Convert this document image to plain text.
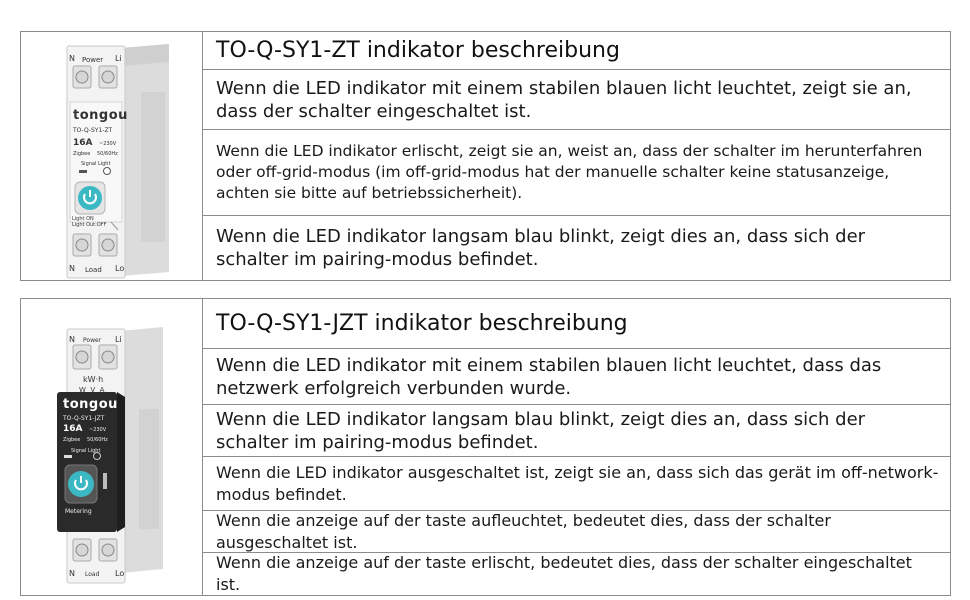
N Power Li
tongou
TO-Q-SY1-ZT
16A ~230V
Zigbee 50/60Hz
Signal Light
Light ON
Light Out:OFF
N Load Lo
TO-Q-SY1-ZT indikator beschreibung
Wenn die LED indikator mit einem stabilen blauen licht leuchtet, zeigt sie an, dass der schalter eingeschaltet ist.
Wenn die LED indikator erlischt, zeigt sie an, weist an, dass der schalter im herunterfahren oder off-grid-modus (im off-grid-modus hat der manuelle schalter keine statusanzeige, achten sie bitte auf betriebssicherheit).
Wenn die LED indikator langsam blau blinkt, zeigt dies an, dass sich der schalter im pairing-modus befindet.
N Power Li
kW·h
W  V  A
tongou
TO-Q-SY1-JZT
16A ~230V
Zigbee 50/60Hz
Signal Light
Metering
N Load Lo
TO-Q-SY1-JZT indikator beschreibung
Wenn die LED indikator mit einem stabilen blauen licht leuchtet, dass das netzwerk erfolgreich verbunden wurde.
Wenn die LED indikator langsam blau blinkt, zeigt dies an, dass sich der schalter im pairing-modus befindet.
Wenn die LED indikator ausgeschaltet ist, zeigt sie an, dass sich das gerät im off-network-modus befindet.
Wenn die anzeige auf der taste aufleuchtet, bedeutet dies, dass der schalter ausgeschaltet ist.
Wenn die anzeige auf der taste erlischt, bedeutet dies, dass der schalter eingeschaltet ist.
